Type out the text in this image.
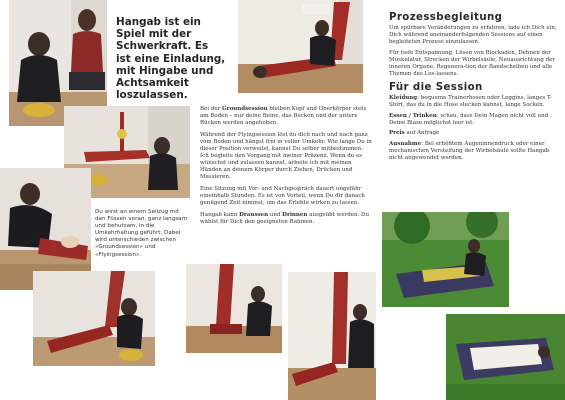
Hangab ist ein Spiel mit der Schwerkraft. Es ist eine Einladung, mit Hingabe und Achtsamkeit loszulassen.
Du wirst an einem Seilzug mit den Füssen voran, ganz langsam und behutsam, in die Umkehrhaltung geführt. Dabei wird unterschieden zwischen «Groundsession» und «Flyingsession».

Bei der Groundsession bleiben Kopf und Oberkörper stets am Boden – nur deine Beine, das Becken und der untere Rücken werden angehoben.

Während der Flyingsession löst du dich nach und nach ganz vom Boden und hängst frei in voller Umkehr. Wie lange Du in dieser Position verweilst, kannst Du selber mitbestimmen. Ich begleite den Vorgang mit meiner Präzenz. Wenn du es wünschst und zulassen kannst, arbeite ich mit meinen Händen an deinem Körper durch Ziehen, Drücken und Massieren.

Eine Sitzung mit Vor- und Nachgespräch dauert ungefähr eineinhalb Stunden. Es ist von Vorteil, wenn Du dir danach genügend Zeit nimmst, um das Erlebte wirken zu lassen.

Hangab kann Draussen und Drinnen ausgeübt werden. Du wählst für Dich den geeigneten Rahmen.

Prozessbegleitung

Um spürbare Veränderungen zu erfahren, lade ich Dich ein, Dich während aneinanderfolgenden Sessions auf einen begleiteten Prozess einzulassen.

Für tiefe Entspannung, Lösen von Blockaden, Dehnen der Muskulatur, Strecken der Wirbelsäule, Neuausrichtung der inneren Organe, Regenera-tion der Bandscheiben und alle Themen des Los-lassens.

Für die Session

Kleidung: bequeme Trainerhosen oder Leggins, langes T-Shirt, das du in die Hose stecken kannst, lange Socken.

Essen / Trinken: schau, dass Dein Magen nicht voll und Deine Blase möglichst leer ist.

Preis auf Anfrage

Ausnahme: Bei erhöhtem Augeninnendruck oder einer mechanischen Versteifung der Wirbelsäule sollte Hangab nicht angewendet werden.
